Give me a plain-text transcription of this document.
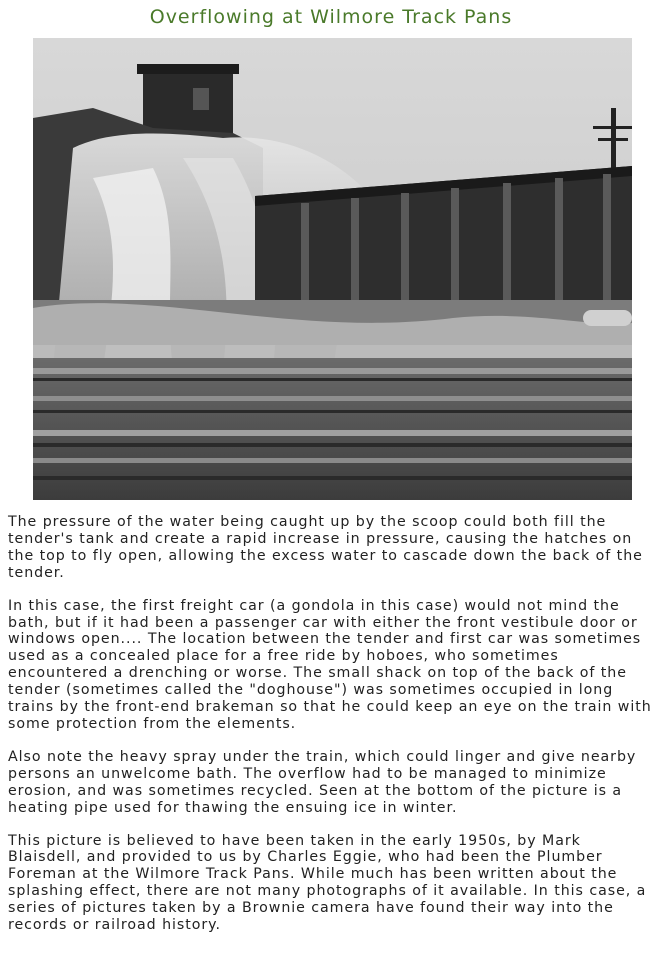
Overflowing at Wilmore Track Pans

The pressure of the water being caught up by the scoop could both fill the tender's tank and create a rapid increase in pressure, causing the hatches on the top to fly open, allowing the excess water to cascade down the back of the tender.

In this case, the first freight car (a gondola in this case) would not mind the bath, but if it had been a passenger car with either the front vestibule door or windows open.... The location between the tender and first car was sometimes used as a concealed place for a free ride by hoboes, who sometimes encountered a drenching or worse. The small shack on top of the back of the tender (sometimes called the "doghouse") was sometimes occupied in long trains by the front-end brakeman so that he could keep an eye on the train with some protection from the elements.

Also note the heavy spray under the train, which could linger and give nearby persons an unwelcome bath. The overflow had to be managed to minimize erosion, and was sometimes recycled. Seen at the bottom of the picture is a heating pipe used for thawing the ensuing ice in winter.

This picture is believed to have been taken in the early 1950s, by Mark Blaisdell, and provided to us by Charles Eggie, who had been the Plumber Foreman at the Wilmore Track Pans. While much has been written about the splashing effect, there are not many photographs of it available. In this case, a series of pictures taken by a Brownie camera have found their way into the records or railroad history.
